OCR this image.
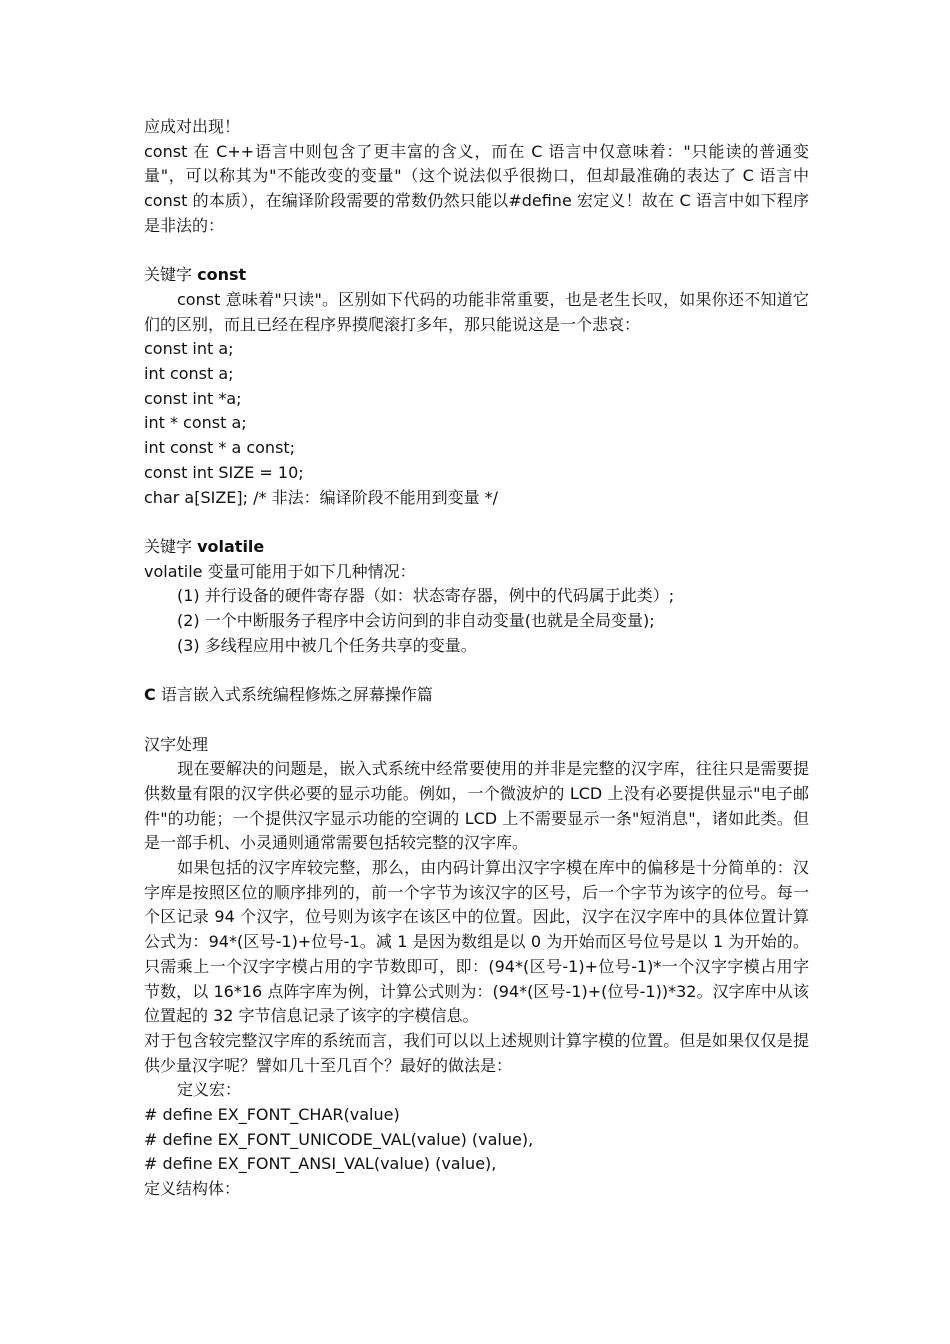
应成对出现！
const 在 C++语言中则包含了更丰富的含义，而在 C 语言中仅意味着："只能读的普通变量"，可以称其为"不能改变的变量"（这个说法似乎很拗口，但却最准确的表达了 C 语言中 const 的本质），在编译阶段需要的常数仍然只能以#define 宏定义！故在 C 语言中如下程序是非法的：
关键字 const
const 意味着"只读"。区别如下代码的功能非常重要，也是老生长叹，如果你还不知道它们的区别，而且已经在程序界摸爬滚打多年，那只能说这是一个悲哀：
const int a;
int const a;
const int *a;
int * const a;
int const * a const;
const int SIZE = 10;
char a[SIZE]; /* 非法：编译阶段不能用到变量 */
关键字 volatile
volatile 变量可能用于如下几种情况：
(1) 并行设备的硬件寄存器（如：状态寄存器，例中的代码属于此类）;
(2) 一个中断服务子程序中会访问到的非自动变量(也就是全局变量);
(3) 多线程应用中被几个任务共享的变量。
C 语言嵌入式系统编程修炼之屏幕操作篇
汉字处理
现在要解决的问题是，嵌入式系统中经常要使用的并非是完整的汉字库，往往只是需要提供数量有限的汉字供必要的显示功能。例如，一个微波炉的 LCD 上没有必要提供显示"电子邮件"的功能；一个提供汉字显示功能的空调的 LCD 上不需要显示一条"短消息"，诸如此类。但是一部手机、小灵通则通常需要包括较完整的汉字库。
如果包括的汉字库较完整，那么，由内码计算出汉字字模在库中的偏移是十分简单的：汉字库是按照区位的顺序排列的，前一个字节为该汉字的区号，后一个字节为该字的位号。每一个区记录 94 个汉字，位号则为该字在该区中的位置。因此，汉字在汉字库中的具体位置计算公式为：94*(区号-1)+位号-1。减 1 是因为数组是以 0 为开始而区号位号是以 1 为开始的。只需乘上一个汉字字模占用的字节数即可，即：(94*(区号-1)+位号-1)*一个汉字字模占用字节数，以 16*16 点阵字库为例，计算公式则为：(94*(区号-1)+(位号-1))*32。汉字库中从该位置起的 32 字节信息记录了该字的字模信息。
对于包含较完整汉字库的系统而言，我们可以以上述规则计算字模的位置。但是如果仅仅是提供少量汉字呢？譬如几十至几百个？最好的做法是：
定义宏：
# define EX_FONT_CHAR(value)
# define EX_FONT_UNICODE_VAL(value) (value),
# define EX_FONT_ANSI_VAL(value) (value),
定义结构体：
